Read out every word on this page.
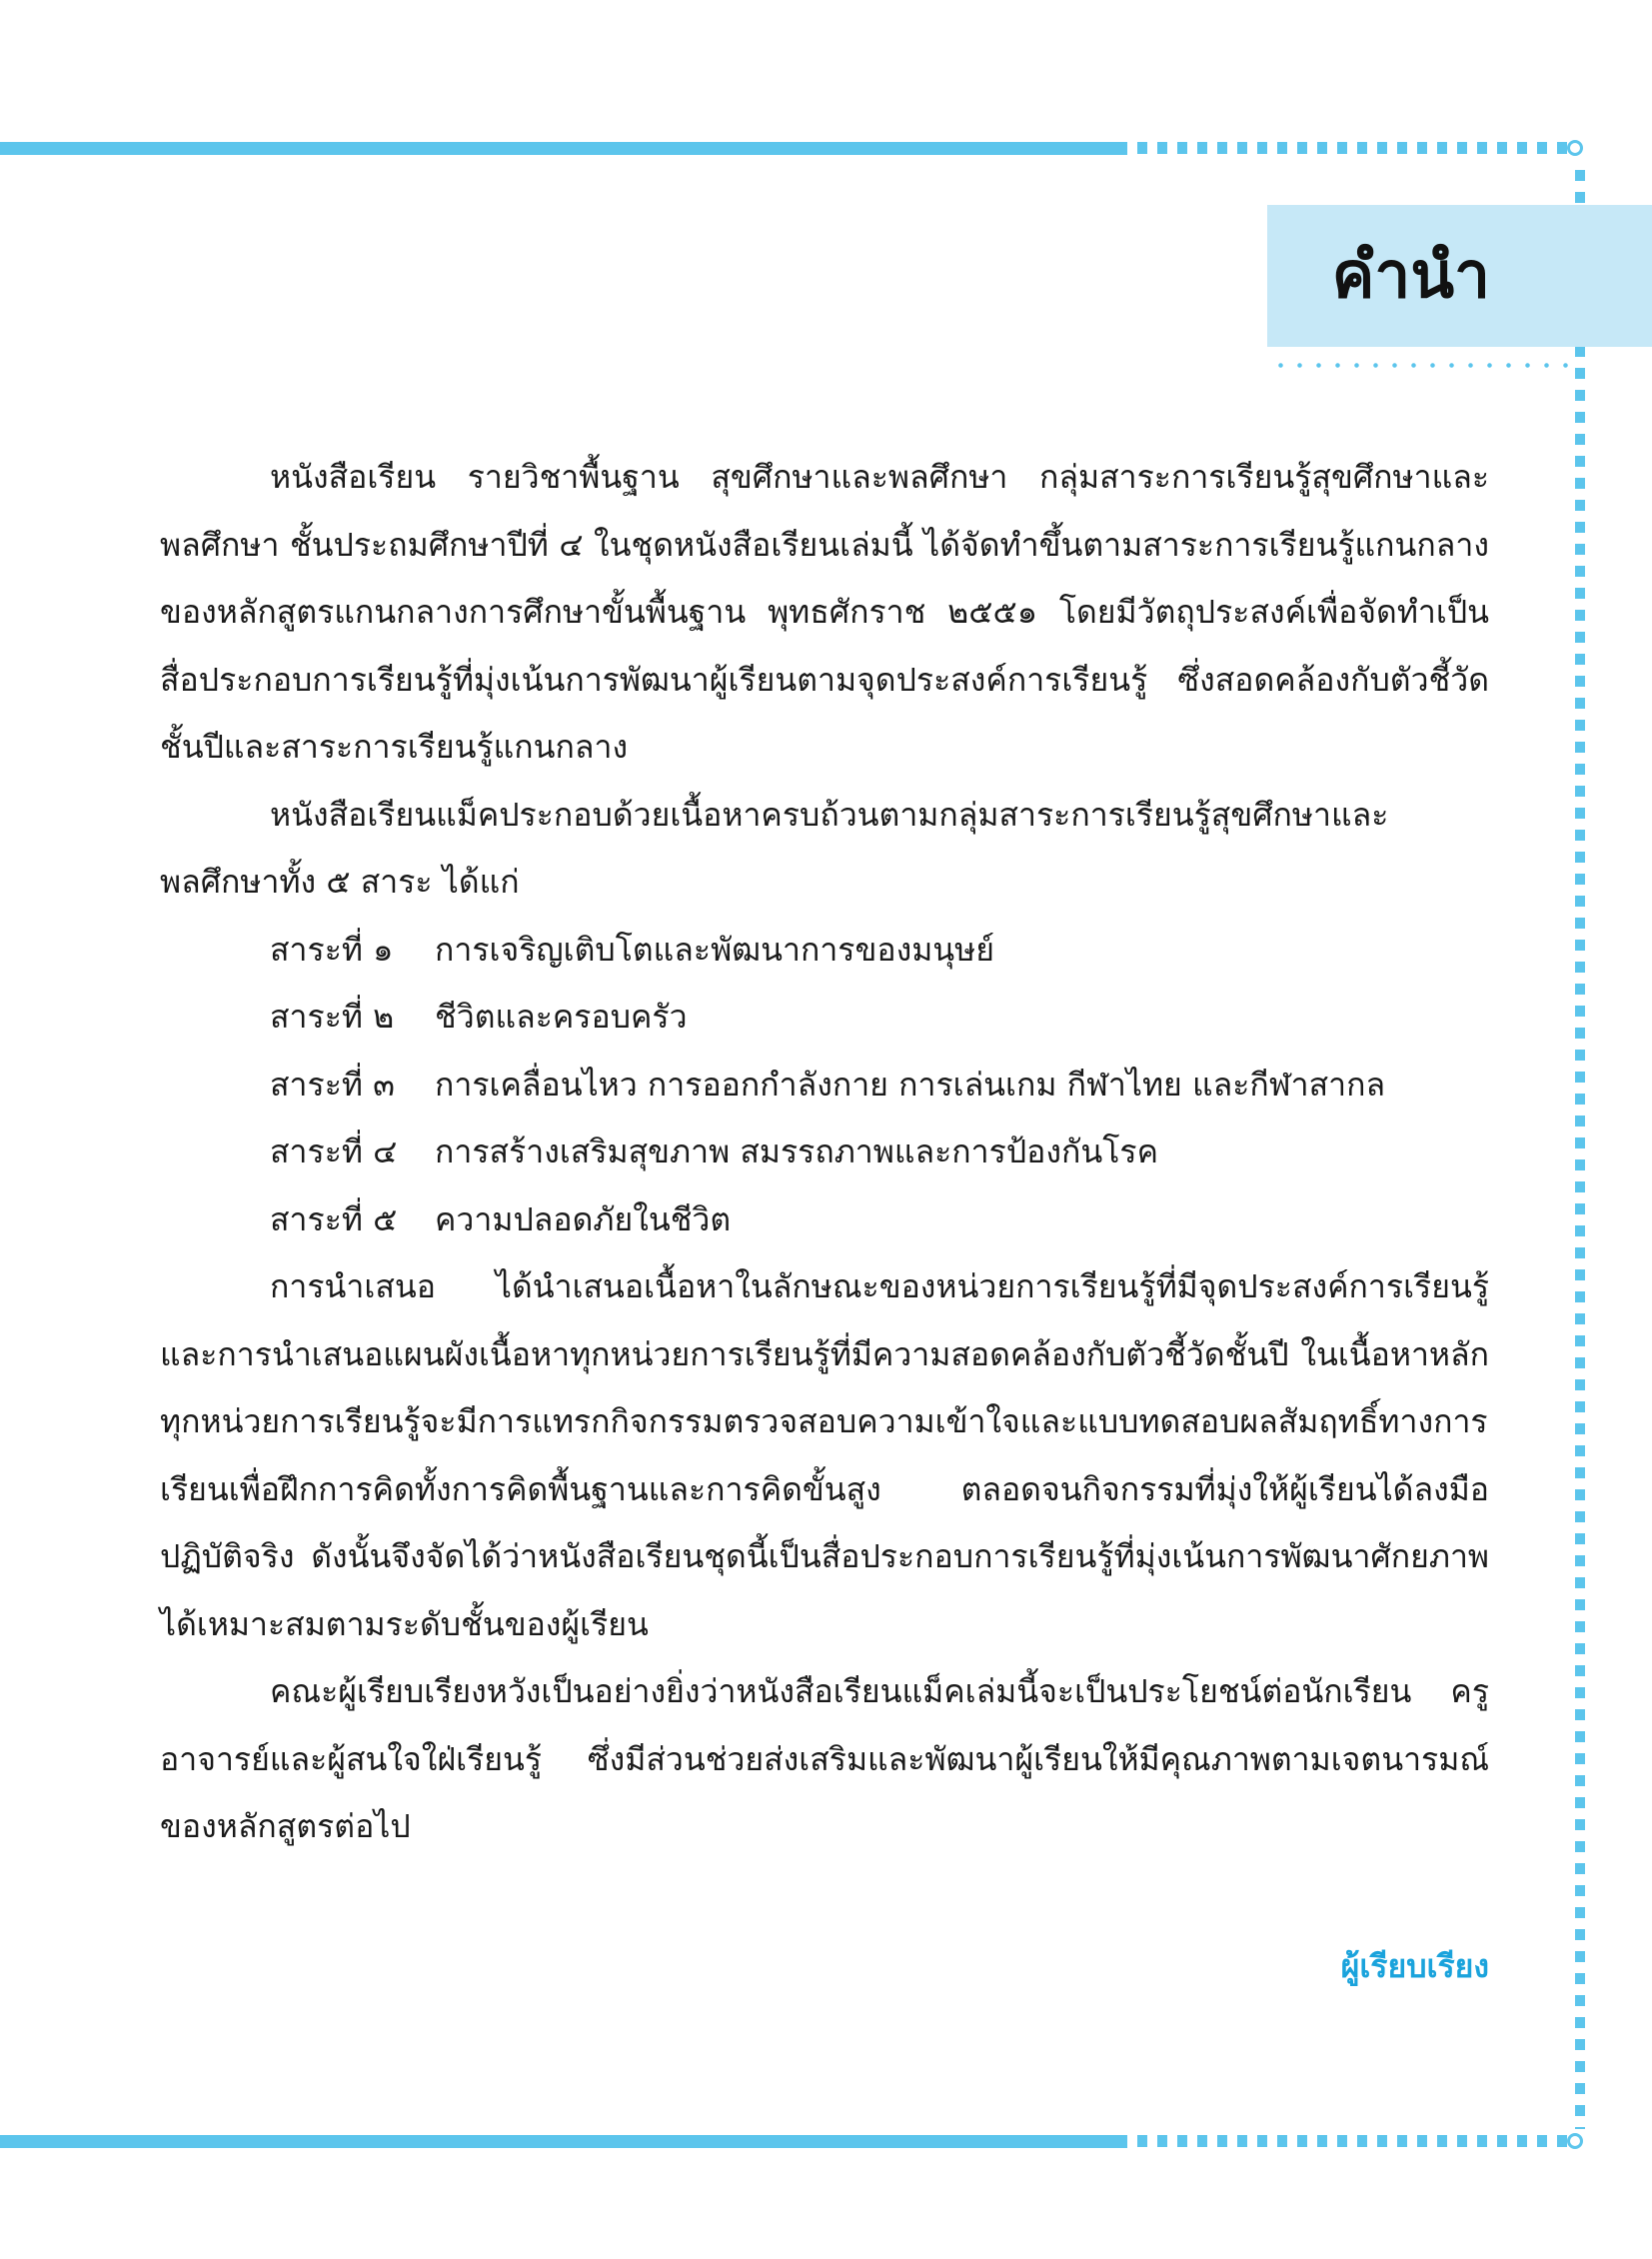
คำนำ

หนังสือเรียน รายวิชาพื้นฐาน สุขศึกษาและพลศึกษา กลุ่มสาระการเรียนรู้สุขศึกษาและพลศึกษา ชั้นประถมศึกษาปีที่ ๔ ในชุดหนังสือเรียนเล่มนี้ ได้จัดทำขึ้นตามสาระการเรียนรู้แกนกลางของหลักสูตรแกนกลางการศึกษาขั้นพื้นฐาน พุทธศักราช ๒๕๕๑ โดยมีวัตถุประสงค์เพื่อจัดทำเป็นสื่อประกอบการเรียนรู้ที่มุ่งเน้นการพัฒนาผู้เรียนตามจุดประสงค์การเรียนรู้ ซึ่งสอดคล้องกับตัวชี้วัดชั้นปีและสาระการเรียนรู้แกนกลาง

หนังสือเรียนแม็คประกอบด้วยเนื้อหาครบถ้วนตามกลุ่มสาระการเรียนรู้สุขศึกษาและพลศึกษาทั้ง ๕ สาระ ได้แก่

สาระที่ ๑ การเจริญเติบโตและพัฒนาการของมนุษย์

สาระที่ ๒ ชีวิตและครอบครัว

สาระที่ ๓ การเคลื่อนไหว การออกกำลังกาย การเล่นเกม กีฬาไทย และกีฬาสากล

สาระที่ ๔ การสร้างเสริมสุขภาพ สมรรถภาพและการป้องกันโรค

สาระที่ ๕ ความปลอดภัยในชีวิต

การนำเสนอ ได้นำเสนอเนื้อหาในลักษณะของหน่วยการเรียนรู้ที่มีจุดประสงค์การเรียนรู้และการนำเสนอแผนผังเนื้อหาทุกหน่วยการเรียนรู้ที่มีความสอดคล้องกับตัวชี้วัดชั้นปี ในเนื้อหาหลักทุกหน่วยการเรียนรู้จะมีการแทรกกิจกรรมตรวจสอบความเข้าใจและแบบทดสอบผลสัมฤทธิ์ทางการเรียนเพื่อฝึกการคิดทั้งการคิดพื้นฐานและการคิดขั้นสูง ตลอดจนกิจกรรมที่มุ่งให้ผู้เรียนได้ลงมือปฏิบัติจริง ดังนั้นจึงจัดได้ว่าหนังสือเรียนชุดนี้เป็นสื่อประกอบการเรียนรู้ที่มุ่งเน้นการพัฒนาศักยภาพได้เหมาะสมตามระดับชั้นของผู้เรียน

คณะผู้เรียบเรียงหวังเป็นอย่างยิ่งว่าหนังสือเรียนแม็คเล่มนี้จะเป็นประโยชน์ต่อนักเรียน ครู อาจารย์และผู้สนใจใฝ่เรียนรู้ ซึ่งมีส่วนช่วยส่งเสริมและพัฒนาผู้เรียนให้มีคุณภาพตามเจตนารมณ์ของหลักสูตรต่อไป

ผู้เรียบเรียง
